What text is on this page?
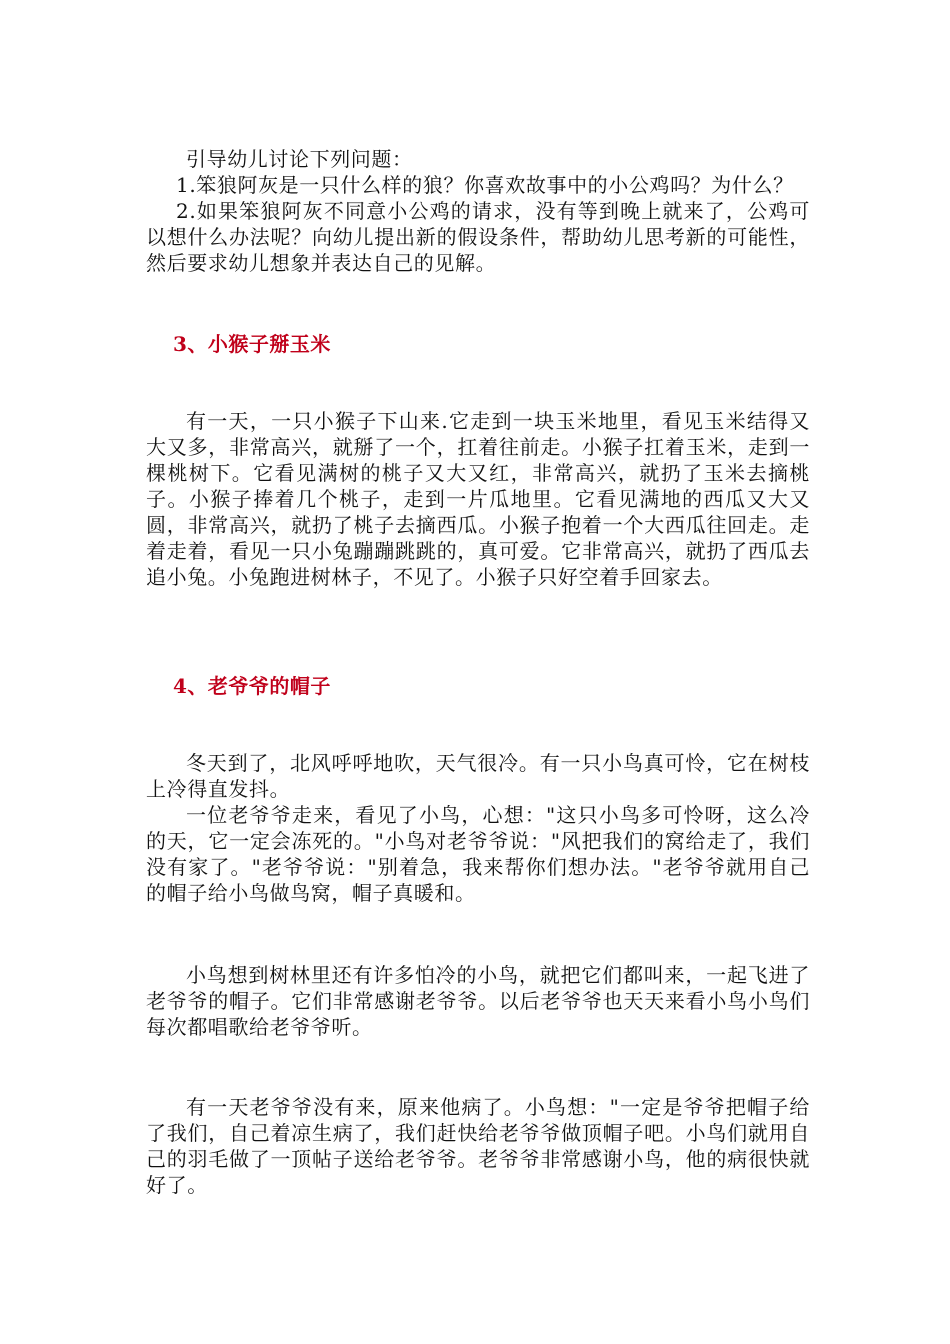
引导幼儿讨论下列问题：

1.笨狼阿灰是一只什么样的狼？你喜欢故事中的小公鸡吗？为什么？

2.如果笨狼阿灰不同意小公鸡的请求，没有等到晚上就来了，公鸡可以想什么办法呢？向幼儿提出新的假设条件，帮助幼儿思考新的可能性，然后要求幼儿想象并表达自己的见解。

3、小猴子掰玉米

有一天，一只小猴子下山来.它走到一块玉米地里，看见玉米结得又大又多，非常高兴，就掰了一个，扛着往前走。小猴子扛着玉米，走到一棵桃树下。它看见满树的桃子又大又红，非常高兴，就扔了玉米去摘桃子。小猴子捧着几个桃子，走到一片瓜地里。它看见满地的西瓜又大又圆，非常高兴，就扔了桃子去摘西瓜。小猴子抱着一个大西瓜往回走。走着走着，看见一只小兔蹦蹦跳跳的，真可爱。它非常高兴，就扔了西瓜去追小兔。小兔跑进树林子，不见了。小猴子只好空着手回家去。

4、老爷爷的帽子

冬天到了，北风呼呼地吹，天气很冷。有一只小鸟真可怜，它在树枝上冷得直发抖。

一位老爷爷走来，看见了小鸟，心想："这只小鸟多可怜呀，这么冷的天，它一定会冻死的。"小鸟对老爷爷说："风把我们的窝给走了，我们没有家了。"老爷爷说："别着急，我来帮你们想办法。"老爷爷就用自己的帽子给小鸟做鸟窝，帽子真暖和。

小鸟想到树林里还有许多怕冷的小鸟，就把它们都叫来，一起飞进了老爷爷的帽子。它们非常感谢老爷爷。以后老爷爷也天天来看小鸟小鸟们每次都唱歌给老爷爷听。

有一天老爷爷没有来，原来他病了。小鸟想："一定是爷爷把帽子给了我们，自己着凉生病了，我们赶快给老爷爷做顶帽子吧。小鸟们就用自己的羽毛做了一顶帖子送给老爷爷。老爷爷非常感谢小鸟，他的病很快就好了。
